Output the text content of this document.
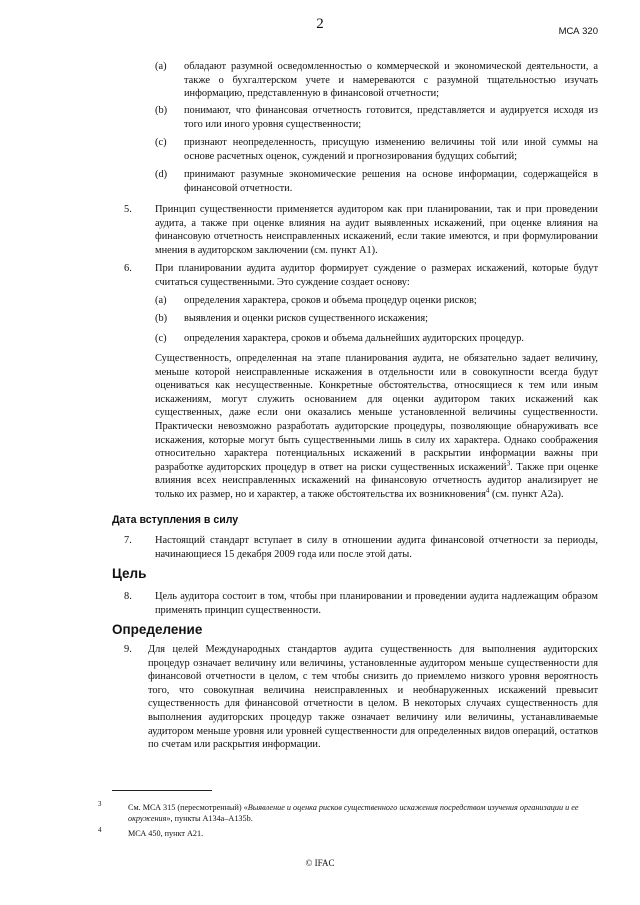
2	МСА 320
(a) обладают разумной осведомленностью о коммерческой и экономической деятельности, а также о бухгалтерском учете и намереваются с разумной тщательностью изучать информацию, представленную в финансовой отчетности;
(b) понимают, что финансовая отчетность готовится, представляется и аудируется исходя из того или иного уровня существенности;
(c) признают неопределенность, присущую изменению величины той или иной суммы на основе расчетных оценок, суждений и прогнозирования будущих событий;
(d) принимают разумные экономические решения на основе информации, содержащейся в финансовой отчетности.
5. Принцип существенности применяется аудитором как при планировании, так и при проведении аудита, а также при оценке влияния на аудит выявленных искажений, при оценке влияния на финансовую отчетность неисправленных искажений, если такие имеются, и при формулировании мнения в аудиторском заключении (см. пункт А1).
6. При планировании аудита аудитор формирует суждение о размерах искажений, которые будут считаться существенными. Это суждение создает основу:
(a) определения характера, сроков и объема процедур оценки рисков;
(b) выявления и оценки рисков существенного искажения;
(c) определения характера, сроков и объема дальнейших аудиторских процедур.
Существенность, определенная на этапе планирования аудита, не обязательно задает величину, меньше которой неисправленные искажения в отдельности или в совокупности всегда будут оцениваться как несущественные. Конкретные обстоятельства, относящиеся к тем или иным искажениям, могут служить основанием для оценки аудитором таких искажений как существенных, даже если они оказались меньше установленной величины существенности. Практически невозможно разработать аудиторские процедуры, позволяющие обнаруживать все искажения, которые могут быть существенными лишь в силу их характера. Однако соображения относительно характера потенциальных искажений в раскрытии информации важны при разработке аудиторских процедур в ответ на риски существенных искажений$^3$. Также при оценке влияния всех неисправленных искажений на финансовую отчетность аудитор анализирует не только их размер, но и характер, а также обстоятельства их возникновения$^4$ (см. пункт А2а).
Дата вступления в силу
7. Настоящий стандарт вступает в силу в отношении аудита финансовой отчетности за периоды, начинающиеся 15 декабря 2009 года или после этой даты.
Цель
8. Цель аудитора состоит в том, чтобы при планировании и проведении аудита надлежащим образом применять принцип существенности.
Определение
9. Для целей Международных стандартов аудита существенность для выполнения аудиторских процедур означает величину или величины, установленные аудитором меньше существенности для финансовой отчетности в целом, с тем чтобы снизить до приемлемо низкого уровня вероятность того, что совокупная величина неисправленных и необнаруженных искажений превысит существенность для финансовой отчетности в целом. В некоторых случаях существенность для выполнения аудиторских процедур также означает величину или величины, устанавливаемые аудитором меньше уровня или уровней существенности для определенных видов операций, остатков по счетам или раскрытия информации.
3	См. МСА 315 (пересмотренный) «Выявление и оценка рисков существенного искажения посредством изучения организации и ее окружения», пункты А134а–А135b.
4	МСА 450, пункт А21.
© IFAC
